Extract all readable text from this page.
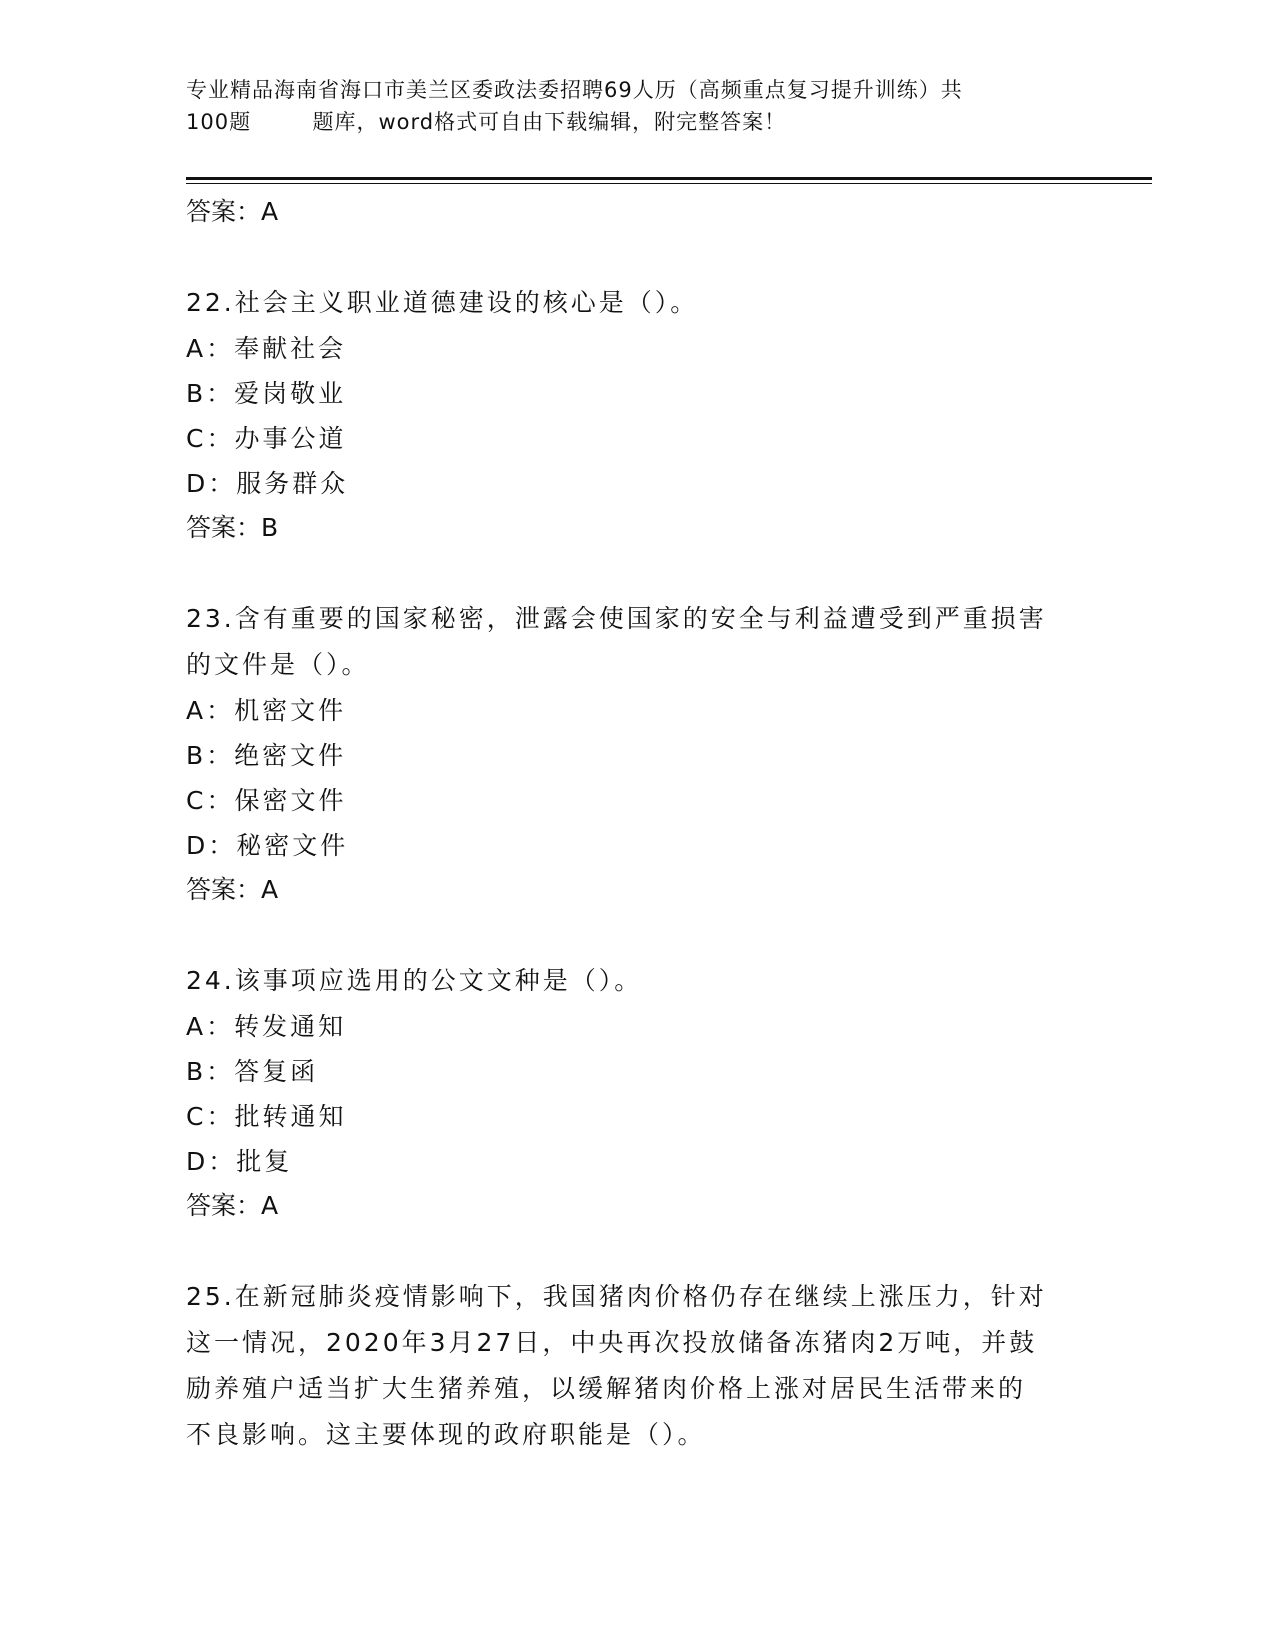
专业精品海南省海口市美兰区委政法委招聘69人历（高频重点复习提升训练）共
100题        题库，word格式可自由下载编辑，附完整答案！
答案：A
22.社会主义职业道德建设的核心是（）。
A：奉献社会
B：爱岗敬业
C：办事公道
D：服务群众
答案：B
23.含有重要的国家秘密，泄露会使国家的安全与利益遭受到严重损害
的文件是（）。
A：机密文件
B：绝密文件
C：保密文件
D：秘密文件
答案：A
24.该事项应选用的公文文种是（）。
A：转发通知
B：答复函
C：批转通知
D：批复
答案：A
25.在新冠肺炎疫情影响下，我国猪肉价格仍存在继续上涨压力，针对
这一情况，2020年3月27日，中央再次投放储备冻猪肉2万吨，并鼓
励养殖户适当扩大生猪养殖，以缓解猪肉价格上涨对居民生活带来的
不良影响。这主要体现的政府职能是（）。
